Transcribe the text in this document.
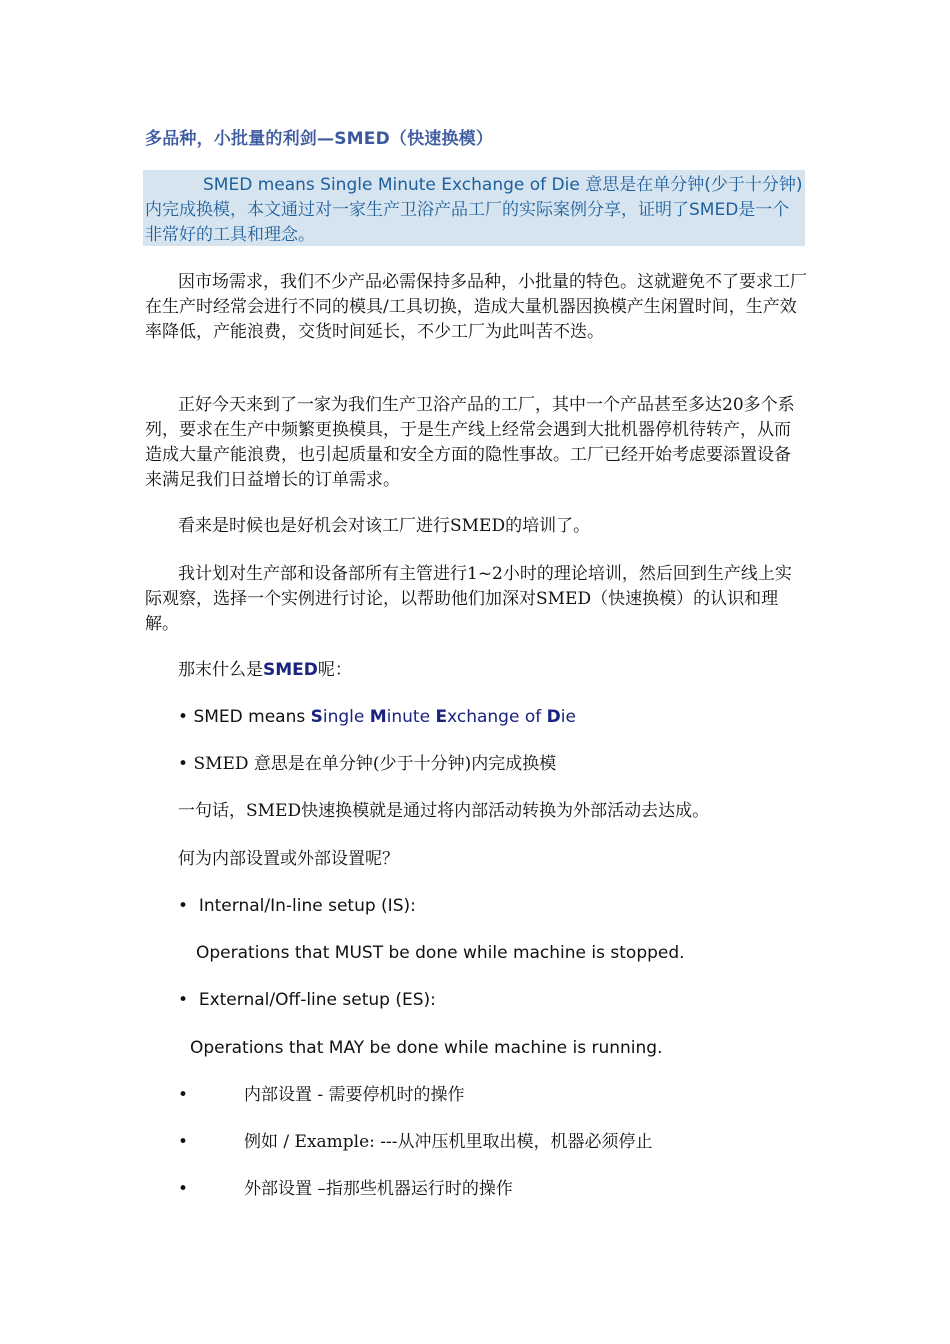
多品种，小批量的利剑—SMED（快速换模）
SMED means Single Minute Exchange of Die 意思是在单分钟(少于十分钟)内完成换模，本文通过对一家生产卫浴产品工厂的实际案例分享，证明了SMED是一个非常好的工具和理念。
因市场需求，我们不少产品必需保持多品种，小批量的特色。这就避免不了要求工厂在生产时经常会进行不同的模具/工具切换，造成大量机器因换模产生闲置时间，生产效率降低，产能浪费，交货时间延长，不少工厂为此叫苦不迭。
正好今天来到了一家为我们生产卫浴产品的工厂，其中一个产品甚至多达20多个系列，要求在生产中频繁更换模具，于是生产线上经常会遇到大批机器停机待转产，从而造成大量产能浪费，也引起质量和安全方面的隐性事故。工厂已经开始考虑要添置设备来满足我们日益增长的订单需求。
看来是时候也是好机会对该工厂进行SMED的培训了。
我计划对生产部和设备部所有主管进行1~2小时的理论培训，然后回到生产线上实际观察，选择一个实例进行讨论，以帮助他们加深对SMED（快速换模）的认识和理解。
那末什么是SMED呢：
• SMED means Single Minute Exchange of Die
• SMED 意思是在单分钟(少于十分钟)内完成换模
一句话，SMED快速换模就是通过将内部活动转换为外部活动去达成。
何为内部设置或外部设置呢？
• Internal/In-line setup (IS):
Operations that MUST be done while machine is stopped.
• External/Off-line setup (ES):
Operations that MAY be done while machine is running.
•	内部设置 - 需要停机时的操作
•	例如 / Example: ---从冲压机里取出模，机器必须停止
•	外部设置 –指那些机器运行时的操作
